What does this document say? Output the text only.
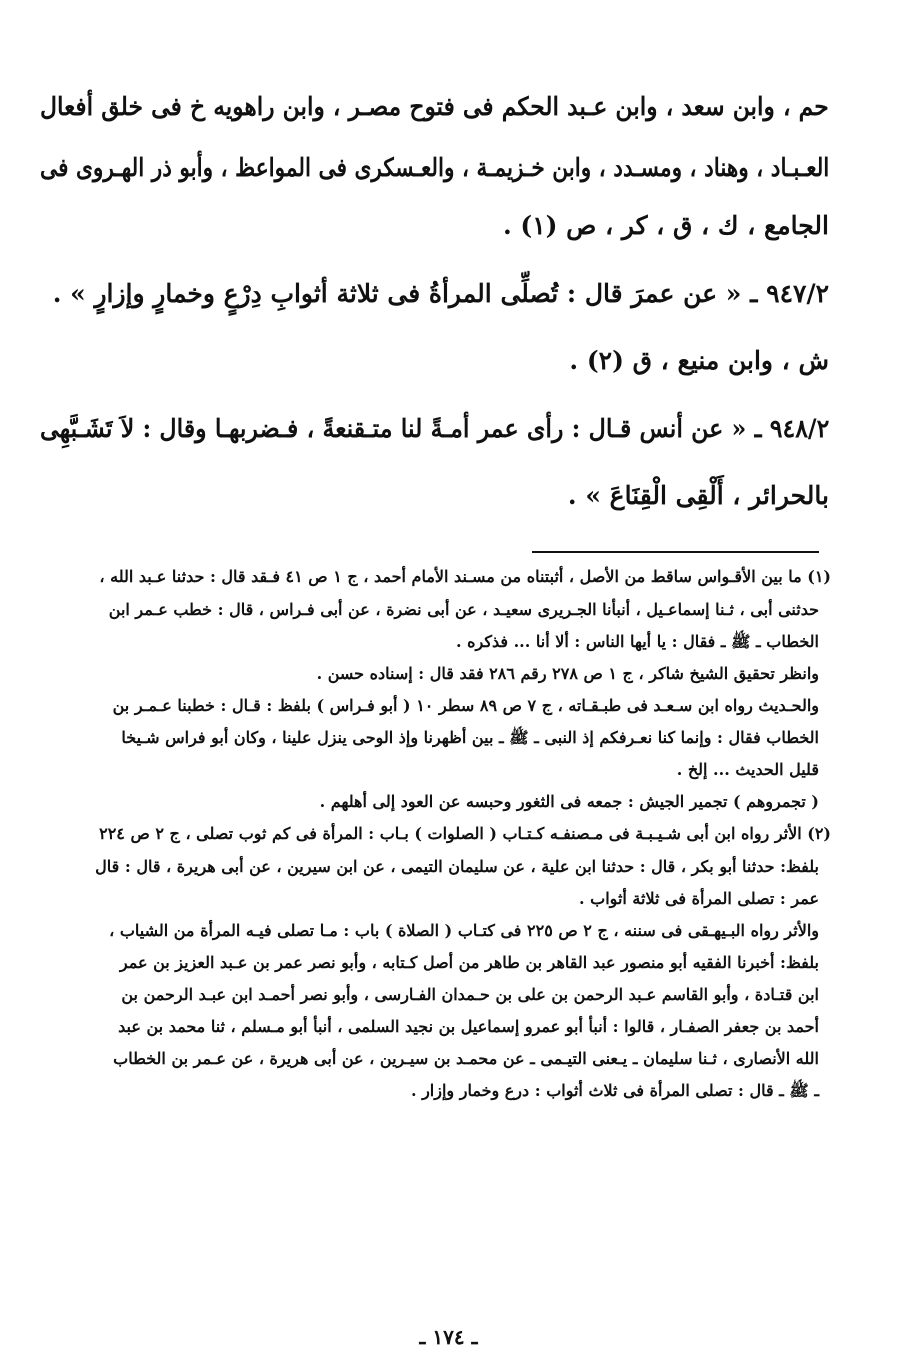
حم ، وابن سعد ، وابن عـبد الحكم فى فتوح مصـر ، وابن راهويه خ فى خلق أفعال
العـبـاد ، وهناد ، ومسـدد ، وابن خـزيمـة ، والعـسكرى فى المواعظ ، وأبو ذر الهـروى فى
الجامع ، ك ، ق ، كر ، ص (١) .
٩٤٧/٢ ـ « عن عمرَ قال : تُصلِّى المرأةُ فى ثلاثة أثوابِ دِرْعٍ وخمارٍ وإزارٍ » .
ش ، وابن منيع ، ق (٢) .
٩٤٨/٢ ـ « عن أنس قـال : رأى عمر أمـةً لنا متـقنعةً ، فـضربهـا وقال : لاَ تَشَـبَّهِى
بالحرائر ، أَلْقِى الْقِنَاعَ » .
(١) ما بين الأقـواس ساقط من الأصل ، أثبتناه من مسـند الأمام أحمد ، ج ١ ص ٤١ فـقد قال : حدثنا عـبد الله ،
حدثنى أبى ، ثـنا إسماعـيل ، أنبأنا الجـريرى سعيـد ، عن أبى نضرة ، عن أبى فـراس ، قال : خطب عـمر ابن
الخطاب ـ ﷺ ـ فقال : يا أيها الناس : ألا أنا ... فذكره .
وانظر تحقيق الشيخ شاكر ، ج ١ ص ٢٧٨ رقم ٢٨٦ فقد قال : إسناده حسن .
والحـديث رواه ابن سـعـد فى طبـقـاته ، ج ٧ ص ٨٩ سطر ١٠ ( أبو فـراس ) بلفظ : قـال : خطبنا عـمـر بن
الخطاب فقال : وإنما كنا نعـرفكم إذ النبى ـ ﷺ ـ بين أظهرنا وإذ الوحى ينزل علينا ، وكان أبو فراس شـيخا
قليل الحديث ... إلخ .
( تجمروهم ) تجمير الجيش : جمعه فى الثغور وحبسه عن العود إلى أهلهم .
(٢) الأثر رواه ابن أبى شـيـبـة فى مـصنفـه كـتـاب ( الصلوات ) بـاب : المرأة فى كم ثوب تصلى ، ج ٢ ص ٢٢٤
بلفظ: حدثنا أبو بكر ، قال : حدثنا ابن علية ، عن سليمان التيمى ، عن ابن سيرين ، عن أبى هريرة ، قال : قال
عمر : تصلى المرأة فى ثلاثة أثواب .
والأثر رواه البـيهـقى فى سننه ، ج ٢ ص ٢٢٥ فى كتـاب ( الصلاة ) باب : مـا تصلى فيـه المرأة من الشياب ،
بلفظ: أخبرنا الفقيه أبو منصور عبد القاهر بن طاهر من أصل كـتابه ، وأبو نصر عمر بن عـبد العزيز بن عمر
ابن قتـادة ، وأبو القاسم عـبد الرحمن بن على بن حـمدان الفـارسى ، وأبو نصر أحمـد ابن عبـد الرحمن بن
أحمد بن جعفر الصفـار ، قالوا : أنبأ أبو عمرو إسماعيل بن نجيد السلمى ، أنبأ أبو مـسلم ، ثنا محمد بن عبد
الله الأنصارى ، ثـنا سليمان ـ يـعنى التيـمى ـ عن محمـد بن سيـرين ، عن أبى هريرة ، عن عـمر بن الخطاب
ـ ﷺ ـ قال : تصلى المرأة فى ثلاث أثواب : درع وخمار وإزار .
ـ ١٧٤ ـ
